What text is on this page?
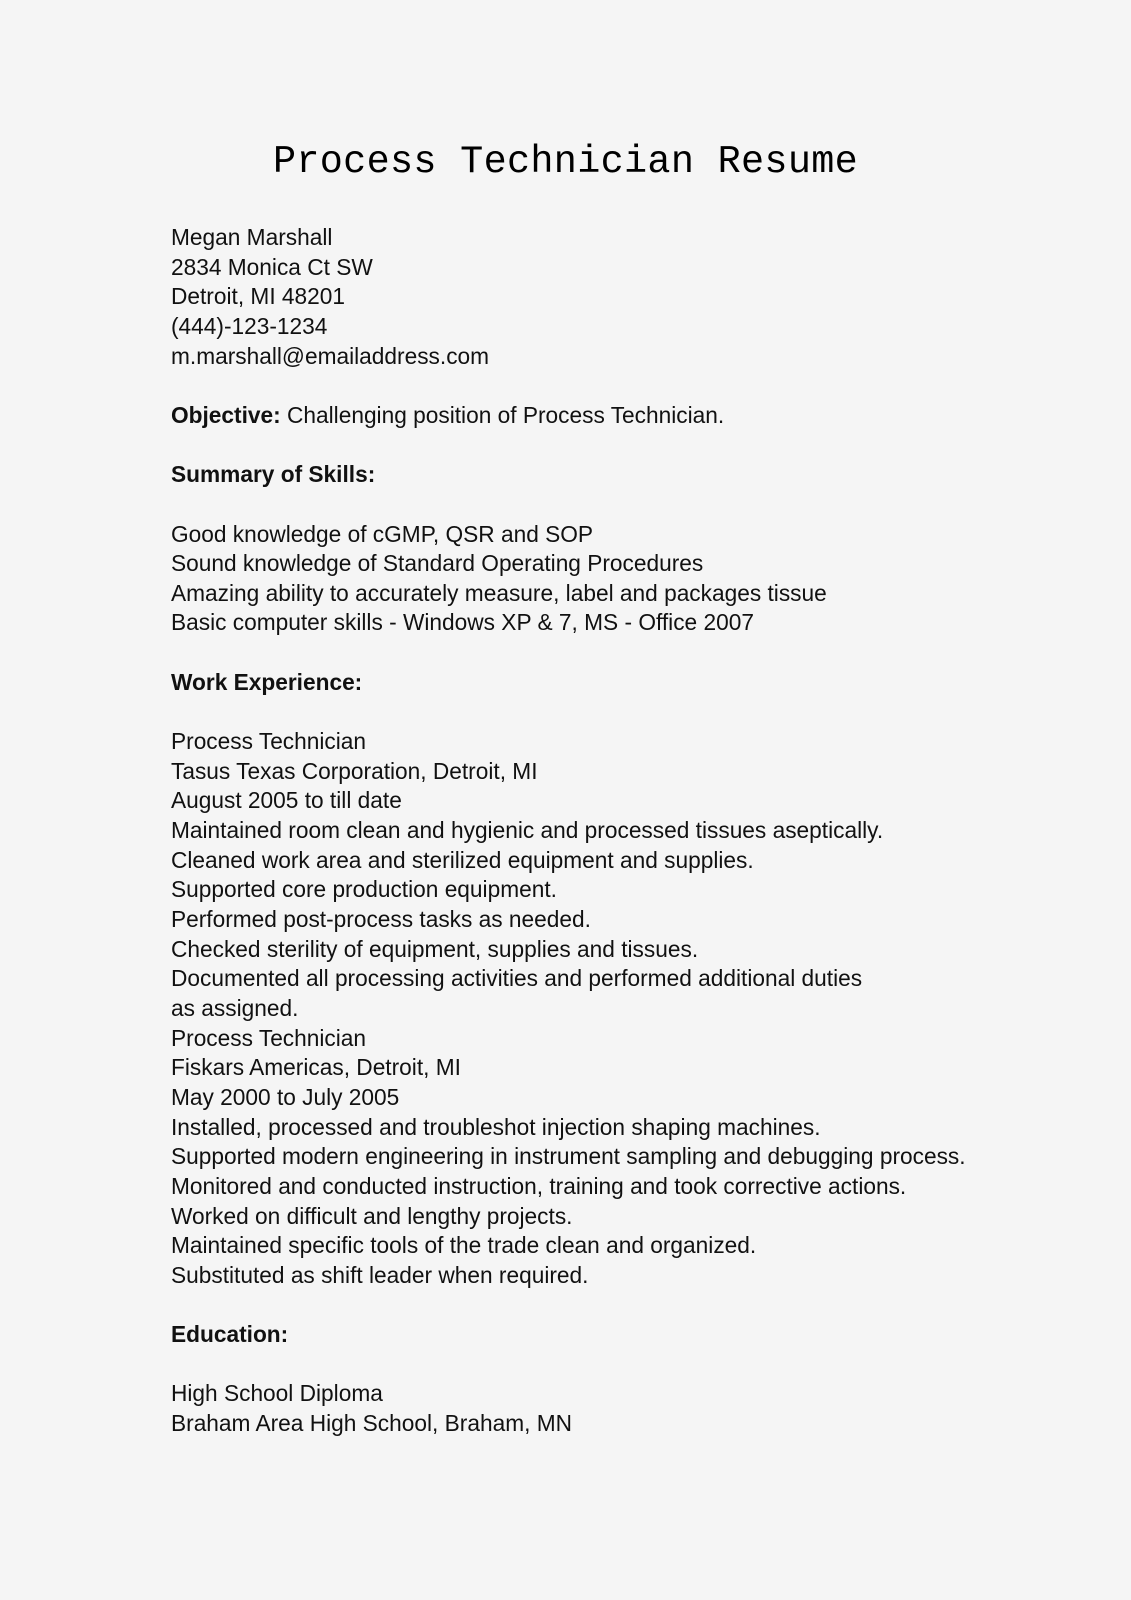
Process Technician Resume
Megan Marshall
2834 Monica Ct SW
Detroit, MI 48201
(444)-123-1234
m.marshall@emailaddress.com
Objective: Challenging position of Process Technician.
Summary of Skills:
Good knowledge of cGMP, QSR and SOP
Sound knowledge of Standard Operating Procedures
Amazing ability to accurately measure, label and packages tissue
Basic computer skills - Windows XP & 7, MS - Office 2007
Work Experience:
Process Technician
Tasus Texas Corporation, Detroit, MI
August 2005 to till date
Maintained room clean and hygienic and processed tissues aseptically.
Cleaned work area and sterilized equipment and supplies.
Supported core production equipment.
Performed post-process tasks as needed.
Checked sterility of equipment, supplies and tissues.
Documented all processing activities and performed additional duties as assigned.
Process Technician
Fiskars Americas, Detroit, MI
May 2000 to July 2005
Installed, processed and troubleshot injection shaping machines.
Supported modern engineering in instrument sampling and debugging process.
Monitored and conducted instruction, training and took corrective actions.
Worked on difficult and lengthy projects.
Maintained specific tools of the trade clean and organized.
Substituted as shift leader when required.
Education:
High School Diploma
Braham Area High School, Braham, MN
